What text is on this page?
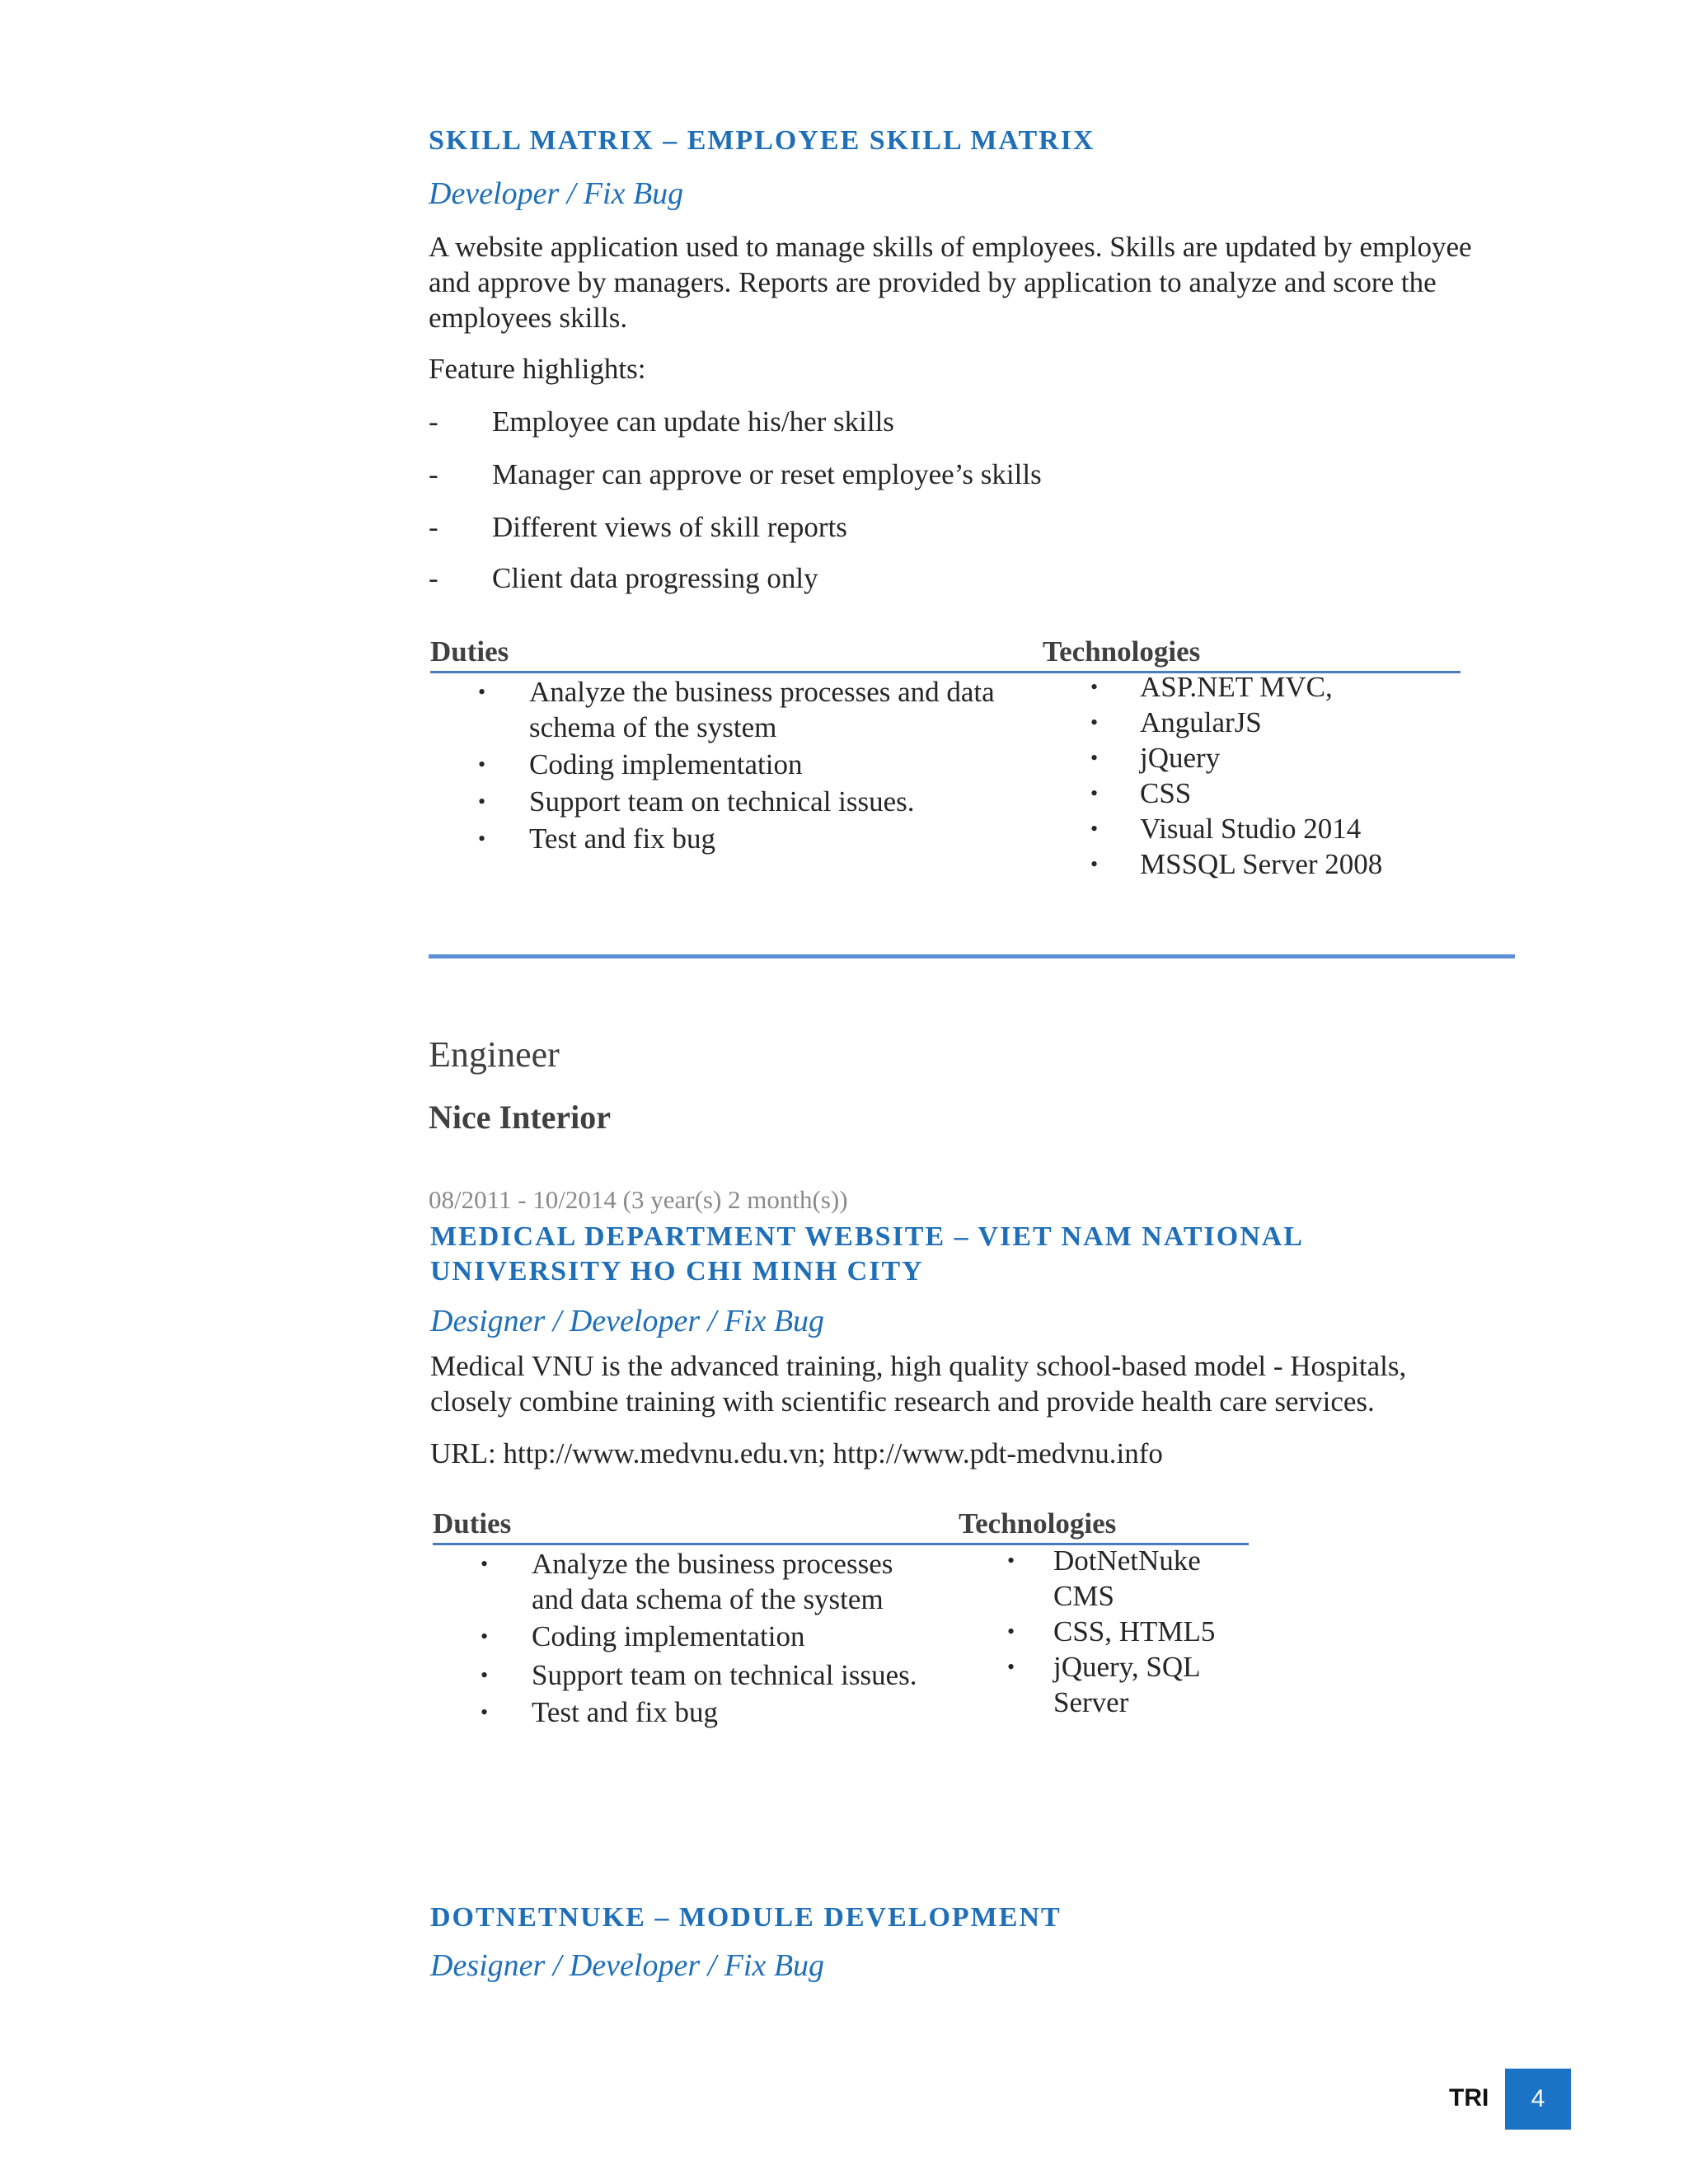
SKILL MATRIX – EMPLOYEE SKILL MATRIX

Developer / Fix Bug

A website application used to manage skills of employees. Skills are updated by employee

and approve by managers. Reports are provided by application to analyze and score the

employees skills.

Feature highlights:

- Employee can update his/her skills
- Manager can approve or reset employee’s skills
- Different views of skill reports
- Client data progressing only
Duties	Technologies
• Analyze the business processes and data
schema of the system
• Coding implementation
• Support team on technical issues.
• Test and fix bug
• ASP.NET MVC,
• AngularJS
• jQuery
• CSS
• Visual Studio 2014
• MSSQL Server 2008

Engineer

Nice Interior

08/2011 - 10/2014 (3 year(s) 2 month(s))

MEDICAL DEPARTMENT WEBSITE – VIET NAM NATIONAL

UNIVERSITY HO CHI MINH CITY

Designer / Developer / Fix Bug

Medical VNU is the advanced training, high quality school-based model - Hospitals,

closely combine training with scientific research and provide health care services.

URL: http://www.medvnu.edu.vn; http://www.pdt-medvnu.info

Duties	Technologies
• Analyze the business processes
and data schema of the system
• Coding implementation
• Support team on technical issues.
• Test and fix bug
• DotNetNuke
CMS
• CSS, HTML5
• jQuery, SQL
Server

DOTNETNUKE – MODULE DEVELOPMENT

Designer / Developer / Fix Bug

TRI 4
